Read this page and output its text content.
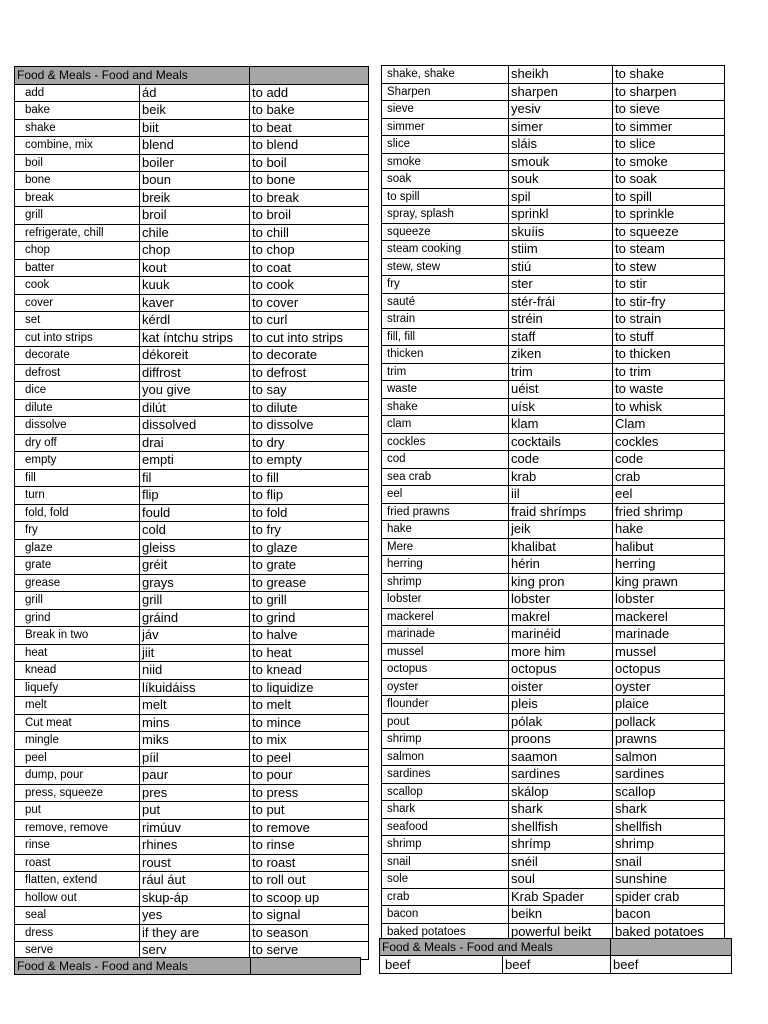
Food & Meals - Food and Meals		
add	ád	to add
bake	beik	to bake
shake	biit	to beat
combine, mix	blend	to blend
boil	boiler	to boil
bone	boun	to bone
break	breik	to break
grill	broil	to broil
refrigerate, chill	chile	to chill
chop	chop	to chop
batter	kout	to coat
cook	kuuk	to cook
cover	kaver	to cover
set	kérdl	to curl
cut into strips	kat íntchu strips	to cut into strips
decorate	dékoreit	to decorate
defrost	diffrost	to defrost
dice	you give	to say
dilute	dilút	to dilute
dissolve	dissolved	to dissolve
dry off	drai	to dry
empty	empti	to empty
fill	fil	to fill
turn	flip	to flip
fold, fold	fould	to fold
fry	cold	to fry
glaze	gleiss	to glaze
grate	gréit	to grate
grease	grays	to grease
grill	grill	to grill
grind	gráind	to grind
Break in two	jáv	to halve
heat	jiit	to heat
knead	niid	to knead
liquefy	líkuidáiss	to liquidize
melt	melt	to melt
Cut meat	mins	to mince
mingle	miks	to mix
peel	píil	to peel
dump, pour	paur	to pour
press, squeeze	pres	to press
put	put	to put
remove, remove	rimúuv	to remove
rinse	rhines	to rinse
roast	roust	to roast
flatten, extend	rául áut	to roll out
hollow out	skup-áp	to scoop up
seal	yes	to signal
dress	if they are	to season
serve	serv	to serve
shake, shake	sheikh	to shake
Sharpen	sharpen	to sharpen
sieve	yesiv	to sieve
simmer	simer	to simmer
slice	sláis	to slice
smoke	smouk	to smoke
soak	souk	to soak
to spill	spil	to spill
spray, splash	sprinkl	to sprinkle
squeeze	skuíis	to squeeze
steam cooking	stiim	to steam
stew, stew	stiú	to stew
fry	ster	to stir
sauté	stér-frái	to stir-fry
strain	stréin	to strain
fill, fill	staff	to stuff
thicken	ziken	to thicken
trim	trim	to trim
waste	uéist	to waste
shake	uísk	to whisk
clam	klam	Clam
cockles	cocktails	cockles
cod	code	code
sea crab	krab	crab
eel	iil	eel
fried prawns	fraid shrímps	fried shrimp
hake	jeik	hake
Mere	khalibat	halibut
herring	hérin	herring
shrimp	king pron	king prawn
lobster	lobster	lobster
mackerel	makrel	mackerel
marinade	marinéid	marinade
mussel	more him	mussel
octopus	octopus	octopus
oyster	oister	oyster
flounder	pleis	plaice
pout	pólak	pollack
shrimp	proons	prawns
salmon	saamon	salmon
sardines	sardines	sardines
scallop	skálop	scallop
shark	shark	shark
seafood	shellfish	shellfish
shrimp	shrímp	shrimp
snail	snéil	snail
sole	soul	sunshine
crab	Krab Spader	spider crab
bacon	beikn	bacon
baked potatoes	powerful beikt	baked potatoes
Food & Meals - Food and Meals	
Food & Meals - Food and Meals		
beef	beef	beef
